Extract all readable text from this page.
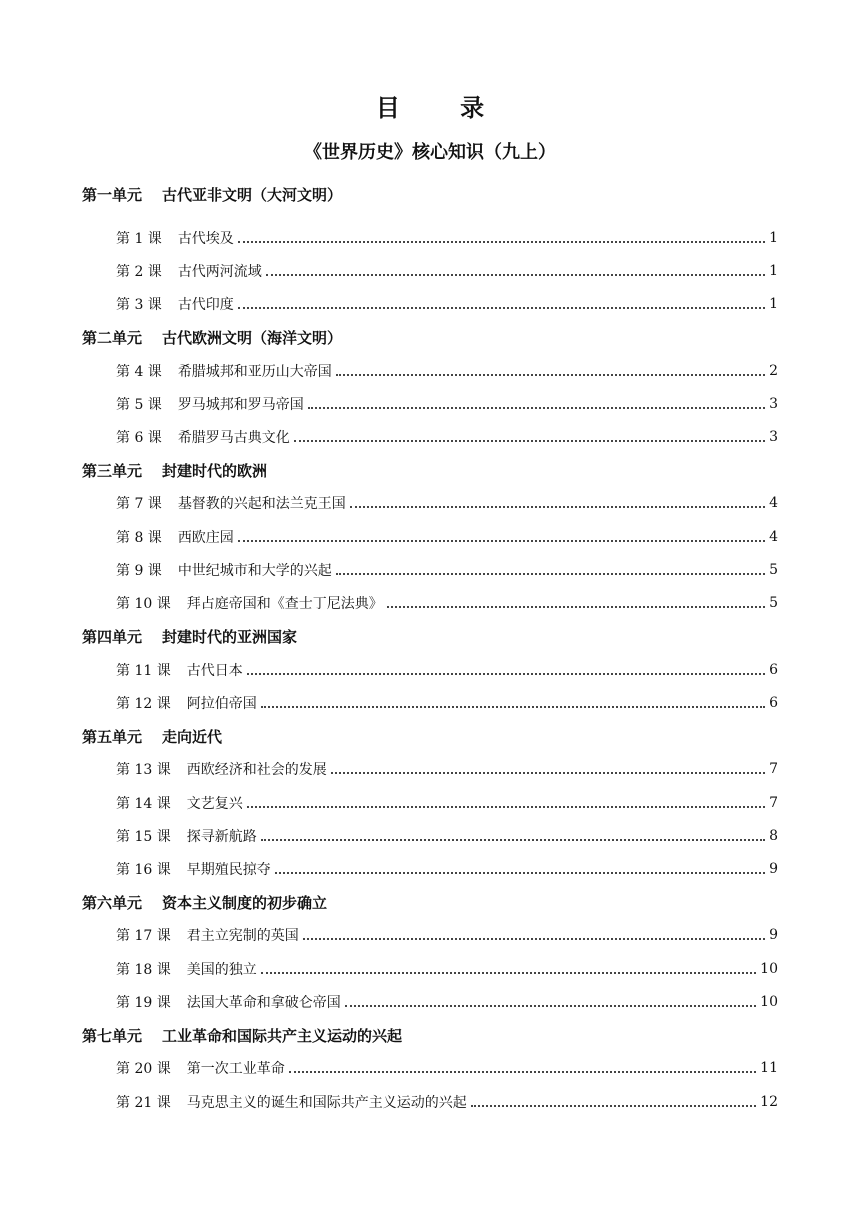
目 录
《世界历史》核心知识（九上）
第一单元 古代亚非文明（大河文明）
第 1 课 古代埃及	1
第 2 课 古代两河流域	1
第 3 课 古代印度	1
第二单元 古代欧洲文明（海洋文明）
第 4 课 希腊城邦和亚历山大帝国	2
第 5 课 罗马城邦和罗马帝国	3
第 6 课 希腊罗马古典文化	3
第三单元 封建时代的欧洲
第 7 课 基督教的兴起和法兰克王国	4
第 8 课 西欧庄园	4
第 9 课 中世纪城市和大学的兴起	5
第 10 课 拜占庭帝国和《查士丁尼法典》	5
第四单元 封建时代的亚洲国家
第 11 课 古代日本	6
第 12 课 阿拉伯帝国	6
第五单元 走向近代
第 13 课 西欧经济和社会的发展	7
第 14 课 文艺复兴	7
第 15 课 探寻新航路	8
第 16 课 早期殖民掠夺	9
第六单元 资本主义制度的初步确立
第 17 课 君主立宪制的英国	9
第 18 课 美国的独立	10
第 19 课 法国大革命和拿破仑帝国	10
第七单元 工业革命和国际共产主义运动的兴起
第 20 课 第一次工业革命	11
第 21 课 马克思主义的诞生和国际共产主义运动的兴起	12
